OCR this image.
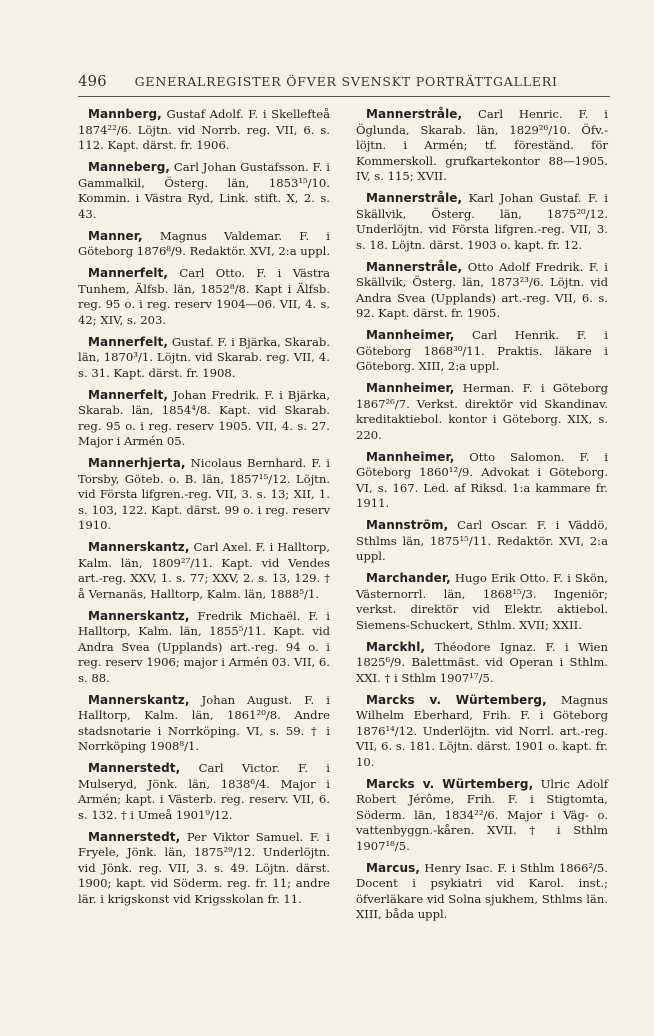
496 GENERALREGISTER ÖFVER SVENSKT PORTRÄTTGALLERI

Mannberg, Gustaf Adolf. F. i Skellefteå 1874²²/6. Löjtn. vid Norrb. reg. VII, 6. s. 112. Kapt. därst. fr. 1906.

Manneberg, Carl Johan Gustafsson. F. i Gammalkil, Österg. län, 1853¹⁵/10. Kommin. i Västra Ryd, Link. stift. X, 2. s. 43.

Manner, Magnus Valdemar. F. i Göteborg 1876⁸/9. Redaktör. XVI, 2:a uppl.

Mannerfelt, Carl Otto. F. i Västra Tunhem, Älfsb. län, 1852⁸/8. Kapt i Älfsb. reg. 95 o. i reg. reserv 1904—06. VII, 4. s. 42; XIV, s. 203.

Mannerfelt, Gustaf. F. i Bjärka, Skarab. län, 1870³/1. Löjtn. vid Skarab. reg. VII, 4. s. 31. Kapt. därst. fr. 1908.

Mannerfelt, Johan Fredrik. F. i Bjärka, Skarab. län, 1854⁴/8. Kapt. vid Skarab. reg. 95 o. i reg. reserv 1905. VII, 4. s. 27. Major i Armén 05.

Mannerhjerta, Nicolaus Bernhard. F. i Torsby, Göteb. o. B. län, 1857¹⁵/12. Löjtn. vid Första lifgren.-reg. VII, 3. s. 13; XII, 1. s. 103, 122. Kapt. därst. 99 o. i reg. reserv 1910.

Mannerskantz, Carl Axel. F. i Halltorp, Kalm. län, 1809²⁷/11. Kapt. vid Vendes art.-reg. XXV, 1. s. 77; XXV, 2. s. 13, 129. † å Vernanäs, Halltorp, Kalm. län, 1888⁵/1.

Mannerskantz, Fredrik Michaël. F. i Halltorp, Kalm. län, 1855⁵/11. Kapt. vid Andra Svea (Upplands) art.-reg. 94 o. i reg. reserv 1906; major i Armén 03. VII, 6. s. 88.

Mannerskantz, Johan August. F. i Halltorp, Kalm. län, 1861²⁰/8. Andre stadsnotarie i Norrköping. VI, s. 59. † i Norrköping 1908⁸/1.

Mannerstedt, Carl Victor. F. i Mulseryd, Jönk. län, 1838⁶/4. Major i Armén; kapt. i Västerb. reg. reserv. VII, 6. s. 132. † i Umeå 1901⁹/12.

Mannerstedt, Per Viktor Samuel. F. i Fryele, Jönk. län, 1875²⁹/12. Underlöjtn. vid Jönk. reg. VII, 3. s. 49. Löjtn. därst. 1900; kapt. vid Söderm. reg. fr. 11; andre lär. i krigskonst vid Krigsskolan fr. 11.

Mannerstråle, Carl Henric. F. i Öglunda, Skarab. län, 1829²⁶/10. Öfv.-löjtn. i Armén; tf. föreständ. för Kommerskoll. grufkartekontor 88—1905. IV, s. 115; XVII.

Mannerstråle, Karl Johan Gustaf. F. i Skällvik, Österg. län, 1875²⁰/12. Underlöjtn. vid Första lifgren.-reg. VII, 3. s. 18. Löjtn. därst. 1903 o. kapt. fr. 12.

Mannerstråle, Otto Adolf Fredrik. F. i Skällvik, Österg. län, 1873²³/6. Löjtn. vid Andra Svea (Upplands) art.-reg. VII, 6. s. 92. Kapt. därst. fr. 1905.

Mannheimer, Carl Henrik. F. i Göteborg 1868³⁰/11. Praktis. läkare i Göteborg. XIII, 2:a uppl.

Mannheimer, Herman. F. i Göteborg 1867²⁶/7. Verkst. direktör vid Skandinav. kreditaktiebol. kontor i Göteborg. XIX, s. 220.

Mannheimer, Otto Salomon. F. i Göteborg 1860¹²/9. Advokat i Göteborg. VI, s. 167. Led. af Riksd. 1:a kammare fr. 1911.

Mannström, Carl Oscar. F. i Väddö, Sthlms län, 1875¹⁵/11. Redaktör. XVI, 2:a uppl.

Marchander, Hugo Erik Otto. F. i Skön, Västernorrl. län, 1868¹⁵/3. Ingeniör; verkst. direktör vid Elektr. aktiebol. Siemens-Schuckert, Sthlm. XVII; XXII.

Marckhl, Théodore Ignaz. F. i Wien 1825⁶/9. Balettmäst. vid Operan i Sthlm. XXI. † i Sthlm 1907¹⁷/5.

Marcks v. Würtemberg, Magnus Wilhelm Eberhard, Frih. F. i Göteborg 1876¹⁴/12. Underlöjtn. vid Norrl. art.-reg. VII, 6. s. 181. Löjtn. därst. 1901 o. kapt. fr. 10.

Marcks v. Würtemberg, Ulric Adolf Robert Jérôme, Frih. F. i Stigtomta, Söderm. län, 1834²²/6. Major i Väg- o. vattenbyggn.-kåren. XVII. † i Sthlm 1907¹⁸/5.

Marcus, Henry Isac. F. i Sthlm 1866²/5. Docent i psykiatri vid Karol. inst.; öfverläkare vid Solna sjukhem, Sthlms län. XIII, båda uppl.
